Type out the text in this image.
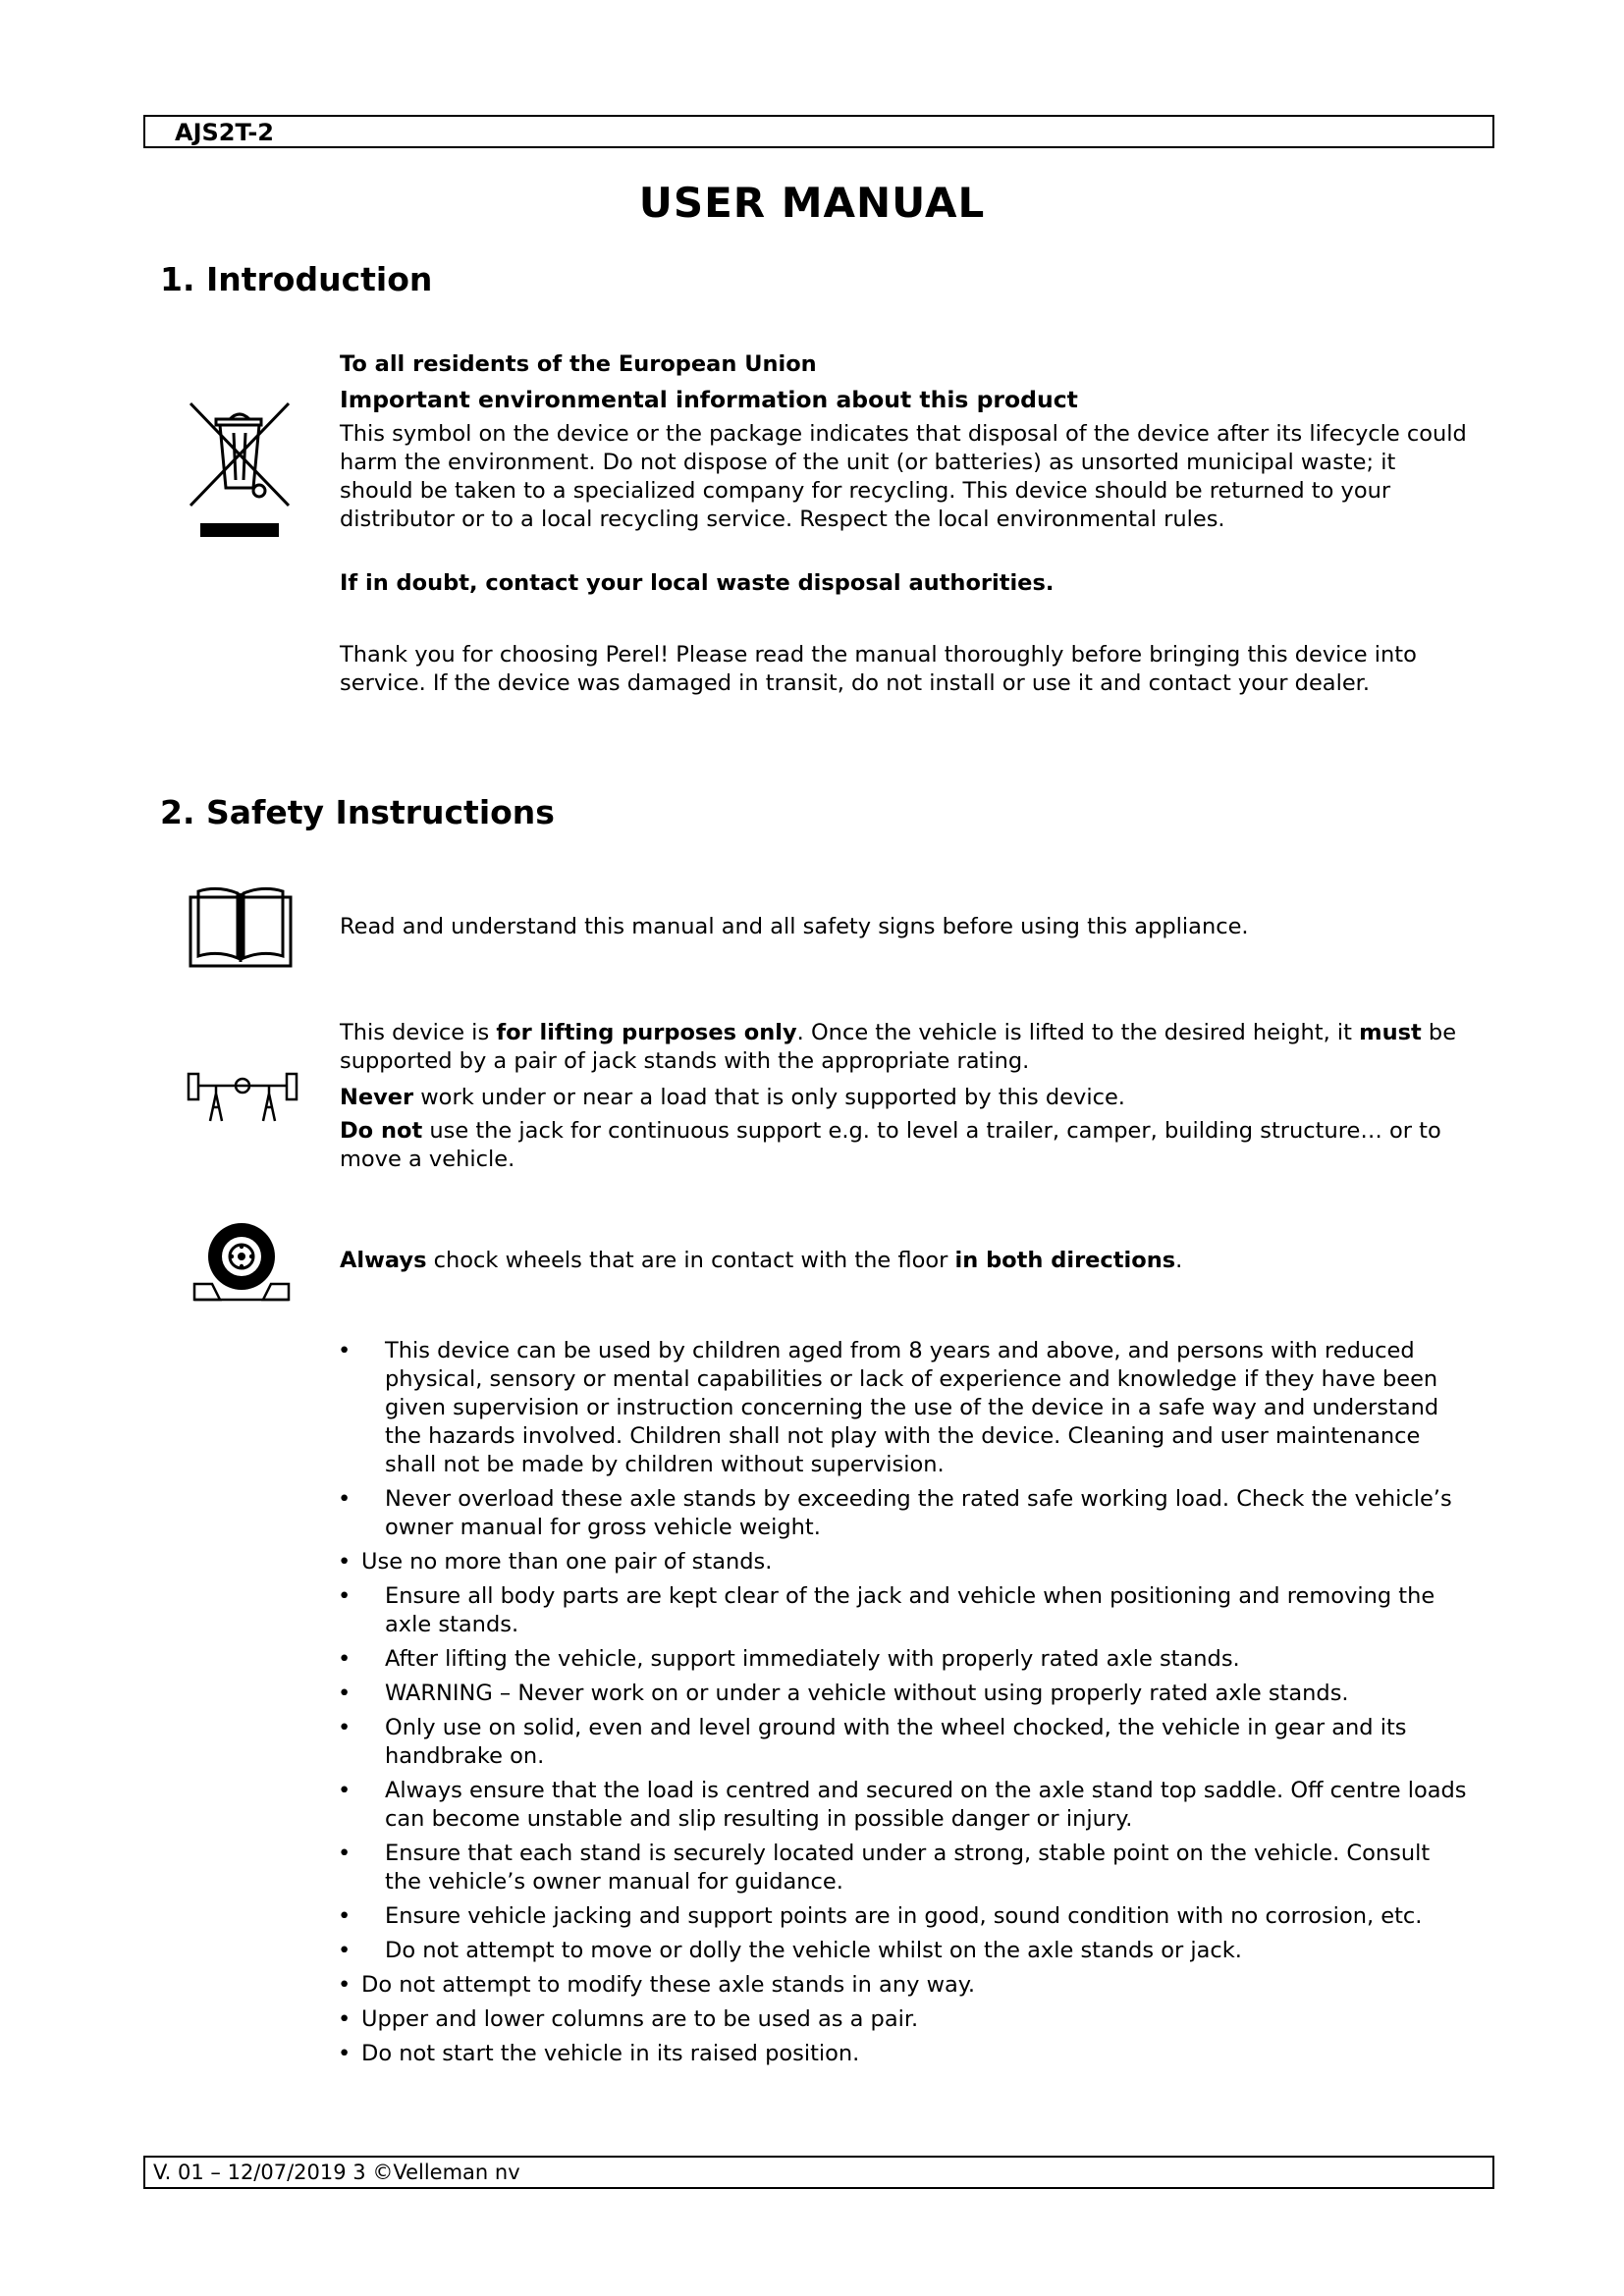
AJS2T-2
USER MANUAL
1. Introduction
To all residents of the European Union
Important environmental information about this product
This symbol on the device or the package indicates that disposal of the device after its lifecycle could harm the environment. Do not dispose of the unit (or batteries) as unsorted municipal waste; it should be taken to a specialized company for recycling. This device should be returned to your distributor or to a local recycling service. Respect the local environmental rules.
If in doubt, contact your local waste disposal authorities.
Thank you for choosing Perel! Please read the manual thoroughly before bringing this device into service. If the device was damaged in transit, do not install or use it and contact your dealer.
2. Safety Instructions
Read and understand this manual and all safety signs before using this appliance.
This device is for lifting purposes only. Once the vehicle is lifted to the desired height, it must be supported by a pair of jack stands with the appropriate rating.
Never work under or near a load that is only supported by this device.
Do not use the jack for continuous support e.g. to level a trailer, camper, building structure… or to move a vehicle.
Always chock wheels that are in contact with the floor in both directions.
• This device can be used by children aged from 8 years and above, and persons with reduced physical, sensory or mental capabilities or lack of experience and knowledge if they have been given supervision or instruction concerning the use of the device in a safe way and understand the hazards involved. Children shall not play with the device. Cleaning and user maintenance shall not be made by children without supervision.
• Never overload these axle stands by exceeding the rated safe working load. Check the vehicle’s owner manual for gross vehicle weight.
• Use no more than one pair of stands.
• Ensure all body parts are kept clear of the jack and vehicle when positioning and removing the axle stands.
• After lifting the vehicle, support immediately with properly rated axle stands.
• WARNING – Never work on or under a vehicle without using properly rated axle stands.
• Only use on solid, even and level ground with the wheel chocked, the vehicle in gear and its handbrake on.
• Always ensure that the load is centred and secured on the axle stand top saddle. Off centre loads can become unstable and slip resulting in possible danger or injury.
• Ensure that each stand is securely located under a strong, stable point on the vehicle. Consult the vehicle’s owner manual for guidance.
• Ensure vehicle jacking and support points are in good, sound condition with no corrosion, etc.
• Do not attempt to move or dolly the vehicle whilst on the axle stands or jack.
• Do not attempt to modify these axle stands in any way.
• Upper and lower columns are to be used as a pair.
• Do not start the vehicle in its raised position.
V. 01 – 12/07/2019 3 ©Velleman nv
